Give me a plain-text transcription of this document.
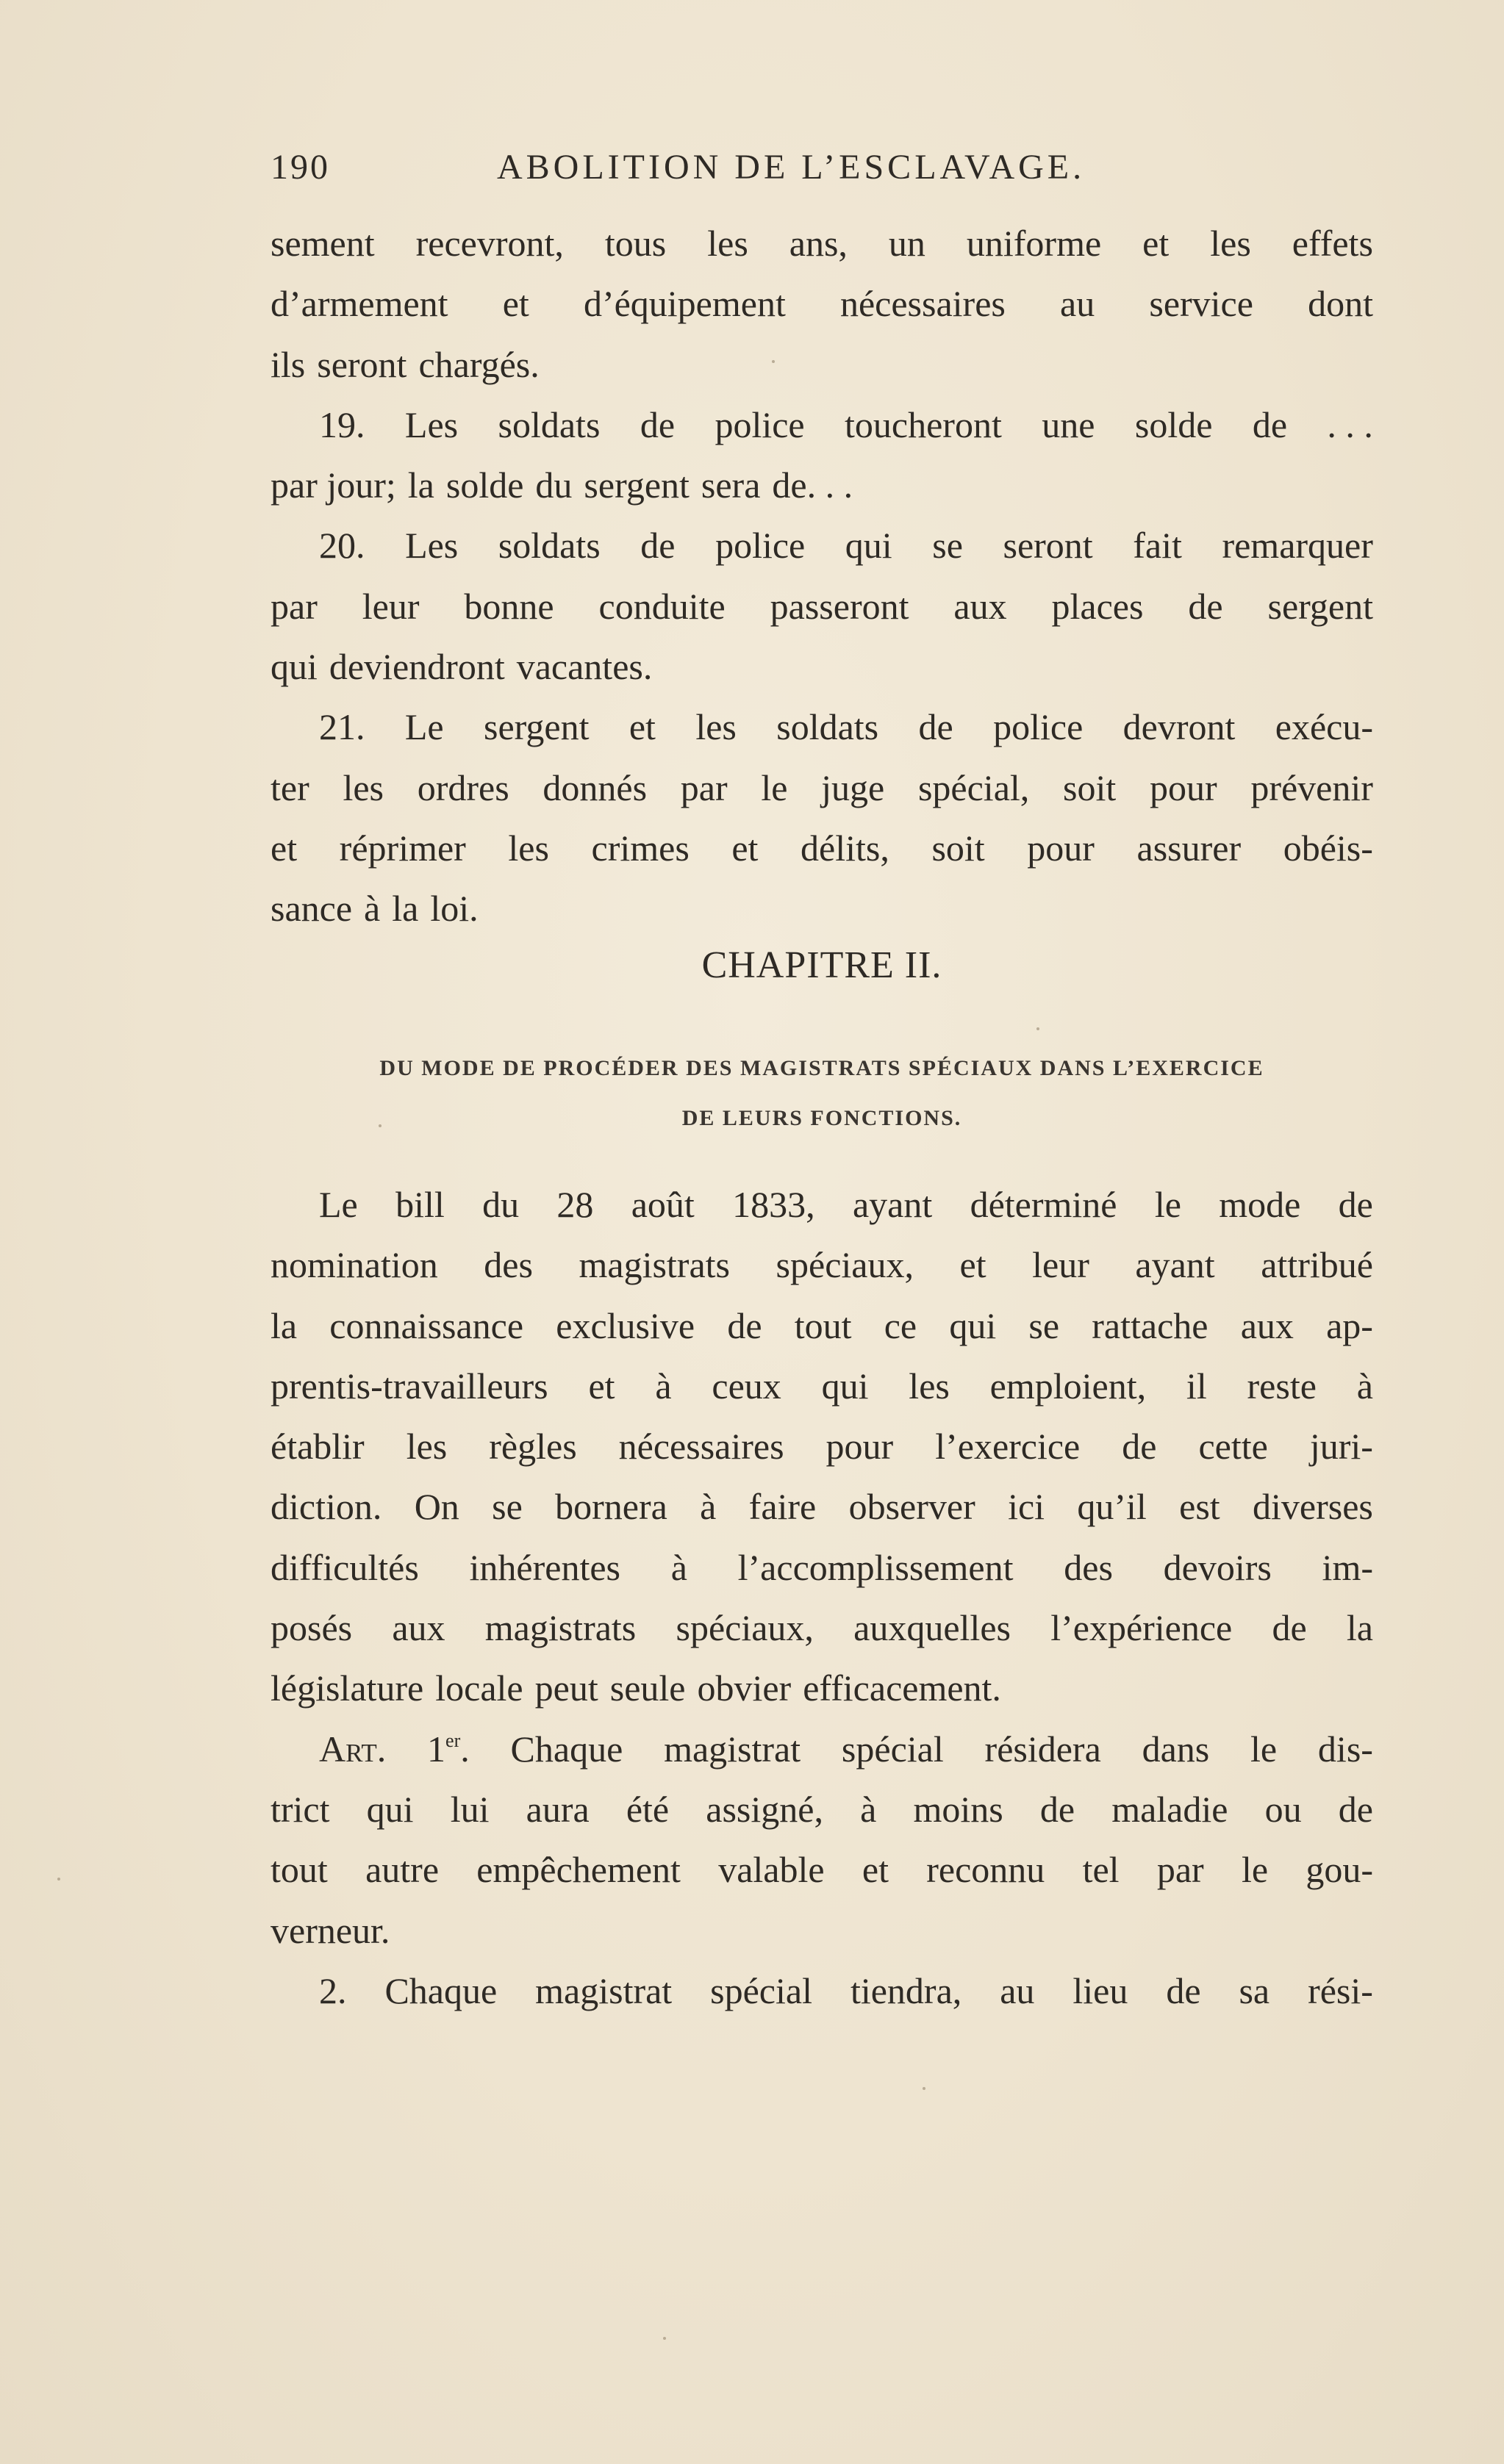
190	ABOLITION DE L’ESCLAVAGE.
sement recevront, tous les ans, un uniforme et les effets
d’armement et d’équipement nécessaires au service dont
ils seront chargés.
19. Les soldats de police toucheront une solde de . . .
par jour; la solde du sergent sera de. . .
20. Les soldats de police qui se seront fait remarquer
par leur bonne conduite passeront aux places de sergent
qui deviendront vacantes.
21. Le sergent et les soldats de police devront exécu-
ter les ordres donnés par le juge spécial, soit pour prévenir
et réprimer les crimes et délits, soit pour assurer obéis-
sance à la loi.
CHAPITRE II.
DU MODE DE PROCÉDER DES MAGISTRATS SPÉCIAUX DANS L’EXERCICE
DE LEURS FONCTIONS.
Le bill du 28 août 1833, ayant déterminé le mode de
nomination des magistrats spéciaux, et leur ayant attribué
la connaissance exclusive de tout ce qui se rattache aux ap-
prentis-travailleurs et à ceux qui les emploient, il reste à
établir les règles nécessaires pour l’exercice de cette juri-
diction. On se bornera à faire observer ici qu’il est diverses
difficultés inhérentes à l’accomplissement des devoirs im-
posés aux magistrats spéciaux, auxquelles l’expérience de la
législature locale peut seule obvier efficacement.
Art. 1er. Chaque magistrat spécial résidera dans le dis-
trict qui lui aura été assigné, à moins de maladie ou de
tout autre empêchement valable et reconnu tel par le gou-
verneur.
2. Chaque magistrat spécial tiendra, au lieu de sa rési-
